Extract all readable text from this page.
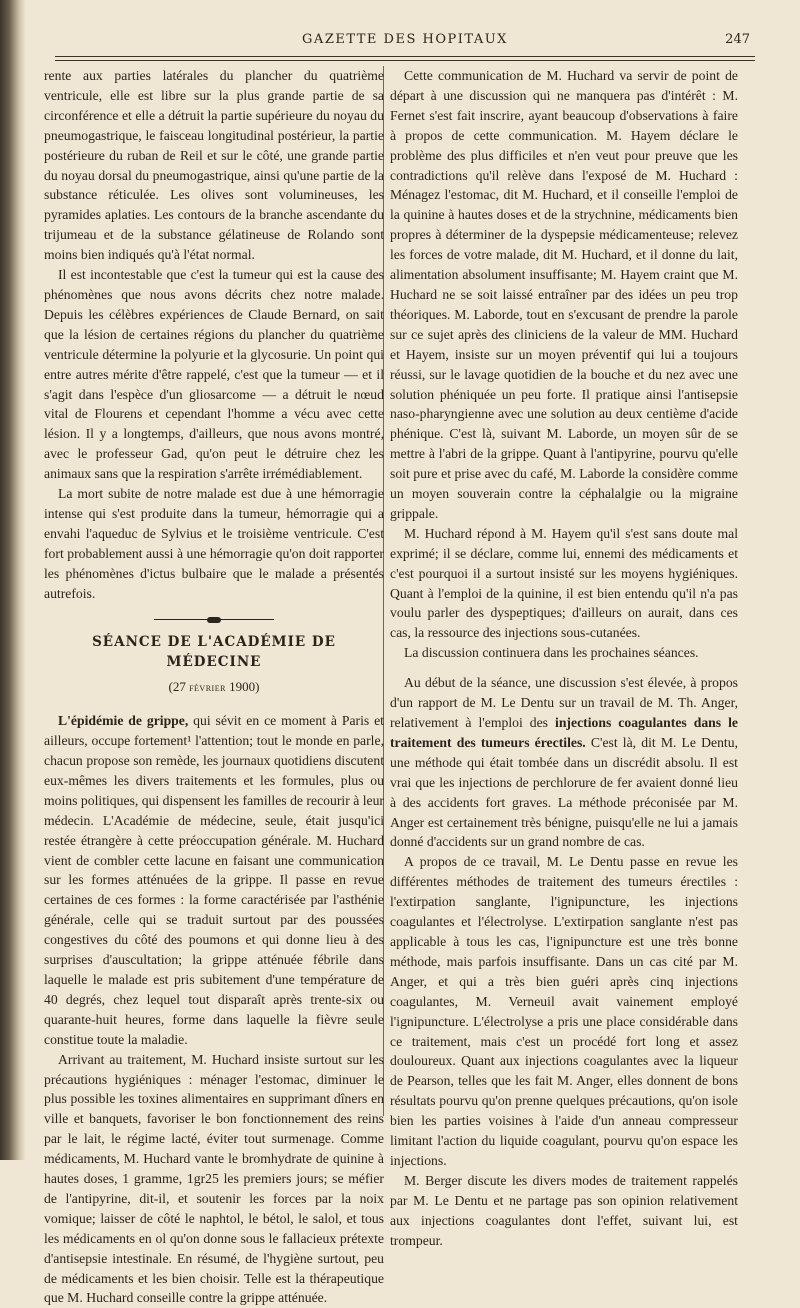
GAZETTE DES HOPITAUX	247

rente aux parties latérales du plancher du quatrième ventricule, elle est libre sur la plus grande partie de sa circonférence et elle a détruit la partie supérieure du noyau du pneumogastrique, le faisceau longitudinal postérieur, la partie postérieure du ruban de Reil et sur le côté, une grande partie du noyau dorsal du pneumogastrique, ainsi qu'une partie de la substance réticulée. Les olives sont volumineuses, les pyramides aplaties. Les contours de la branche ascendante du trijumeau et de la substance gélatineuse de Rolando sont moins bien indiqués qu'à l'état normal.

Il est incontestable que c'est la tumeur qui est la cause des phénomènes que nous avons décrits chez notre malade. Depuis les célèbres expériences de Claude Bernard, on sait que la lésion de certaines régions du plancher du quatrième ventricule détermine la polyurie et la glycosurie. Un point qui entre autres mérite d'être rappelé, c'est que la tumeur — et il s'agit dans l'espèce d'un gliosarcome — a détruit le nœud vital de Flourens et cependant l'homme a vécu avec cette lésion. Il y a longtemps, d'ailleurs, que nous avons montré, avec le professeur Gad, qu'on peut le détruire chez les animaux sans que la respiration s'arrête irrémédiablement.

La mort subite de notre malade est due à une hémorragie intense qui s'est produite dans la tumeur, hémorragie qui a envahi l'aqueduc de Sylvius et le troisième ventricule. C'est fort probablement aussi à une hémorragie qu'on doit rapporter les phénomènes d'ictus bulbaire que le malade a présentés autrefois.

SÉANCE DE L'ACADÉMIE DE MÉDECINE
(27 février 1900)

L'épidémie de grippe, qui sévit en ce moment à Paris et ailleurs, occupe fortement¹ l'attention; tout le monde en parle, chacun propose son remède, les journaux quotidiens discutent eux-mêmes les divers traitements et les formules, plus ou moins politiques, qui dispensent les familles de recourir à leur médecin. L'Académie de médecine, seule, était jusqu'ici restée étrangère à cette préoccupation générale. M. Huchard vient de combler cette lacune en faisant une communication sur les formes atténuées de la grippe. Il passe en revue certaines de ces formes : la forme caractérisée par l'asthénie générale, celle qui se traduit surtout par des poussées congestives du côté des poumons et qui donne lieu à des surprises d'auscultation; la grippe atténuée fébrile dans laquelle le malade est pris subitement d'une température de 40 degrés, chez lequel tout disparaît après trente-six ou quarante-huit heures, forme dans laquelle la fièvre seule constitue toute la maladie.

Arrivant au traitement, M. Huchard insiste surtout sur les précautions hygiéniques : ménager l'estomac, diminuer le plus possible les toxines alimentaires en supprimant dîners en ville et banquets, favoriser le bon fonctionnement des reins par le lait, le régime lacté, éviter tout surmenage. Comme médicaments, M. Huchard vante le bromhydrate de quinine à hautes doses, 1 gramme, 1gr25 les premiers jours; se méfier de l'antipyrine, dit-il, et soutenir les forces par la noix vomique; laisser de côté le naphtol, le bétol, le salol, et tous les médicaments en ol qu'on donne sous le fallacieux prétexte d'antisepsie intestinale. En résumé, de l'hygiène surtout, peu de médicaments et les bien choisir. Telle est la thérapeutique que M. Huchard conseille contre la grippe atténuée.

Cette communication de M. Huchard va servir de point de départ à une discussion qui ne manquera pas d'intérêt : M. Fernet s'est fait inscrire, ayant beaucoup d'observations à faire à propos de cette communication. M. Hayem déclare le problème des plus difficiles et n'en veut pour preuve que les contradictions qu'il relève dans l'exposé de M. Huchard : Ménagez l'estomac, dit M. Huchard, et il conseille l'emploi de la quinine à hautes doses et de la strychnine, médicaments bien propres à déterminer de la dyspepsie médicamenteuse; relevez les forces de votre malade, dit M. Huchard, et il donne du lait, alimentation absolument insuffisante; M. Hayem craint que M. Huchard ne se soit laissé entraîner par des idées un peu trop théoriques. M. Laborde, tout en s'excusant de prendre la parole sur ce sujet après des cliniciens de la valeur de MM. Huchard et Hayem, insiste sur un moyen préventif qui lui a toujours réussi, sur le lavage quotidien de la bouche et du nez avec une solution phéniquée un peu forte. Il pratique ainsi l'antisepsie naso-pharyngienne avec une solution au deux centième d'acide phénique. C'est là, suivant M. Laborde, un moyen sûr de se mettre à l'abri de la grippe. Quant à l'antipyrine, pourvu qu'elle soit pure et prise avec du café, M. Laborde la considère comme un moyen souverain contre la céphalalgie ou la migraine grippale.

M. Huchard répond à M. Hayem qu'il s'est sans doute mal exprimé; il se déclare, comme lui, ennemi des médicaments et c'est pourquoi il a surtout insisté sur les moyens hygiéniques. Quant à l'emploi de la quinine, il est bien entendu qu'il n'a pas voulu parler des dyspeptiques; d'ailleurs on aurait, dans ces cas, la ressource des injections sous-cutanées.

La discussion continuera dans les prochaines séances.

Au début de la séance, une discussion s'est élevée, à propos d'un rapport de M. Le Dentu sur un travail de M. Th. Anger, relativement à l'emploi des injections coagulantes dans le traitement des tumeurs érectiles. C'est là, dit M. Le Dentu, une méthode qui était tombée dans un discrédit absolu. Il est vrai que les injections de perchlorure de fer avaient donné lieu à des accidents fort graves. La méthode préconisée par M. Anger est certainement très bénigne, puisqu'elle ne lui a jamais donné d'accidents sur un grand nombre de cas.

A propos de ce travail, M. Le Dentu passe en revue les différentes méthodes de traitement des tumeurs érectiles : l'extirpation sanglante, l'ignipuncture, les injections coagulantes et l'électrolyse. L'extirpation sanglante n'est pas applicable à tous les cas, l'ignipuncture est une très bonne méthode, mais parfois insuffisante. Dans un cas cité par M. Anger, et qui a très bien guéri après cinq injections coagulantes, M. Verneuil avait vainement employé l'ignipuncture. L'électrolyse a pris une place considérable dans ce traitement, mais c'est un procédé fort long et assez douloureux. Quant aux injections coagulantes avec la liqueur de Pearson, telles que les fait M. Anger, elles donnent de bons résultats pourvu qu'on prenne quelques précautions, qu'on isole bien les parties voisines à l'aide d'un anneau compresseur limitant l'action du liquide coagulant, pourvu qu'on espace les injections.

M. Berger discute les divers modes de traitement rappelés par M. Le Dentu et ne partage pas son opinion relativement aux injections coagulantes dont l'effet, suivant lui, est trompeur.
